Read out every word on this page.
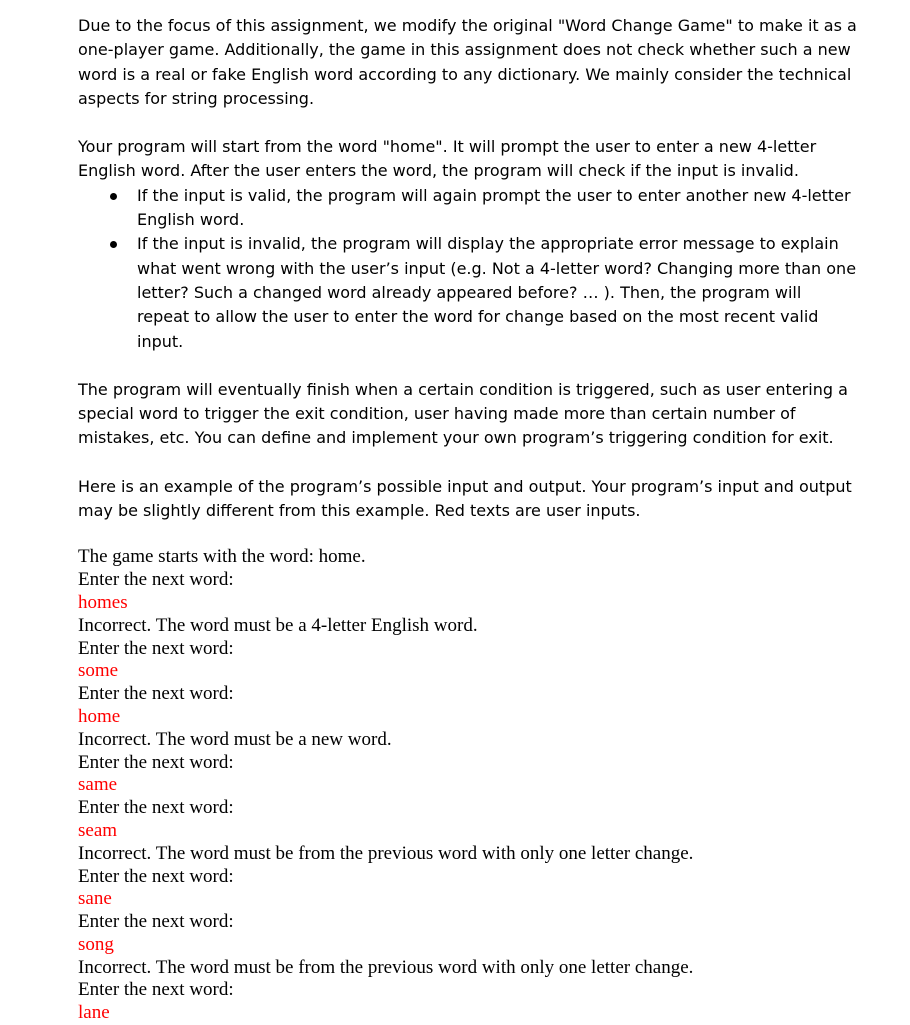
Due to the focus of this assignment, we modify the original "Word Change Game" to make it as a one-player game. Additionally, the game in this assignment does not check whether such a new word is a real or fake English word according to any dictionary. We mainly consider the technical aspects for string processing.

Your program will start from the word "home". It will prompt the user to enter a new 4-letter English word. After the user enters the word, the program will check if the input is invalid.

If the input is valid, the program will again prompt the user to enter another new 4-letter English word.
If the input is invalid, the program will display the appropriate error message to explain what went wrong with the user’s input (e.g. Not a 4-letter word? Changing more than one letter? Such a changed word already appeared before? … ). Then, the program will repeat to allow the user to enter the word for change based on the most recent valid input.

The program will eventually finish when a certain condition is triggered, such as user entering a special word to trigger the exit condition, user having made more than certain number of mistakes, etc. You can define and implement your own program’s triggering condition for exit.

Here is an example of the program’s possible input and output. Your program’s input and output may be slightly different from this example. Red texts are user inputs.

The game starts with the word: home.
Enter the next word:
homes
Incorrect. The word must be a 4-letter English word.
Enter the next word:
some
Enter the next word:
home
Incorrect. The word must be a new word.
Enter the next word:
same
Enter the next word:
seam
Incorrect. The word must be from the previous word with only one letter change.
Enter the next word:
sane
Enter the next word:
song
Incorrect. The word must be from the previous word with only one letter change.
Enter the next word:
lane
